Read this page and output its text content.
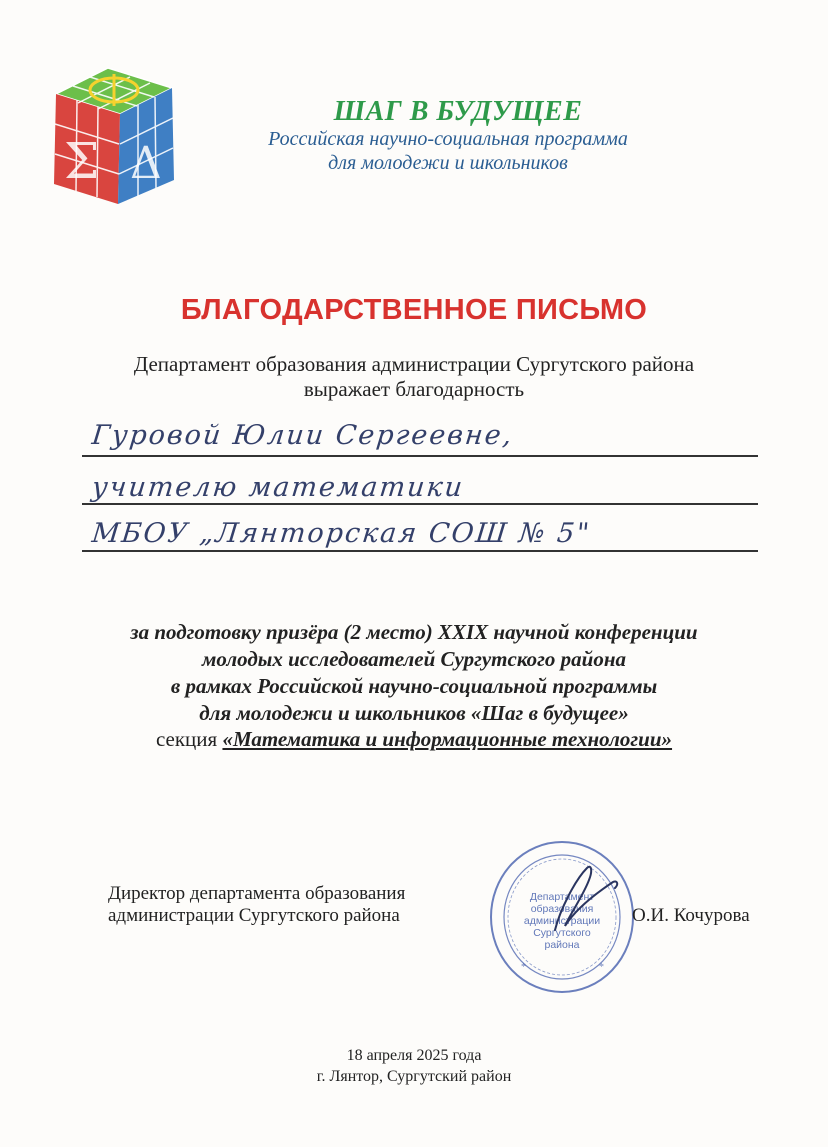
Σ Δ
ШАГ В БУДУЩЕЕ
Российская научно-социальная программа
для молодежи и школьников
БЛАГОДАРСТВЕННОЕ ПИСЬМО
Департамент образования администрации Сургутского района
выражает благодарность
Гуровой Юлии Сергеевне,
учителю математики
МБОУ „Лянторская СОШ № 5"
за подготовку призёра (2 место) XXIX научной конференции
молодых исследователей Сургутского района
в рамках Российской научно-социальной программы
для молодежи и школьников «Шаг в будущее»
секция «Математика и информационные технологии»
Директор департамента образования
администрации Сургутского района
Департамент
образования
администрации
Сургутского
района
*	*
О.И. Кочурова
18 апреля 2025 года
г. Лянтор, Сургутский район
